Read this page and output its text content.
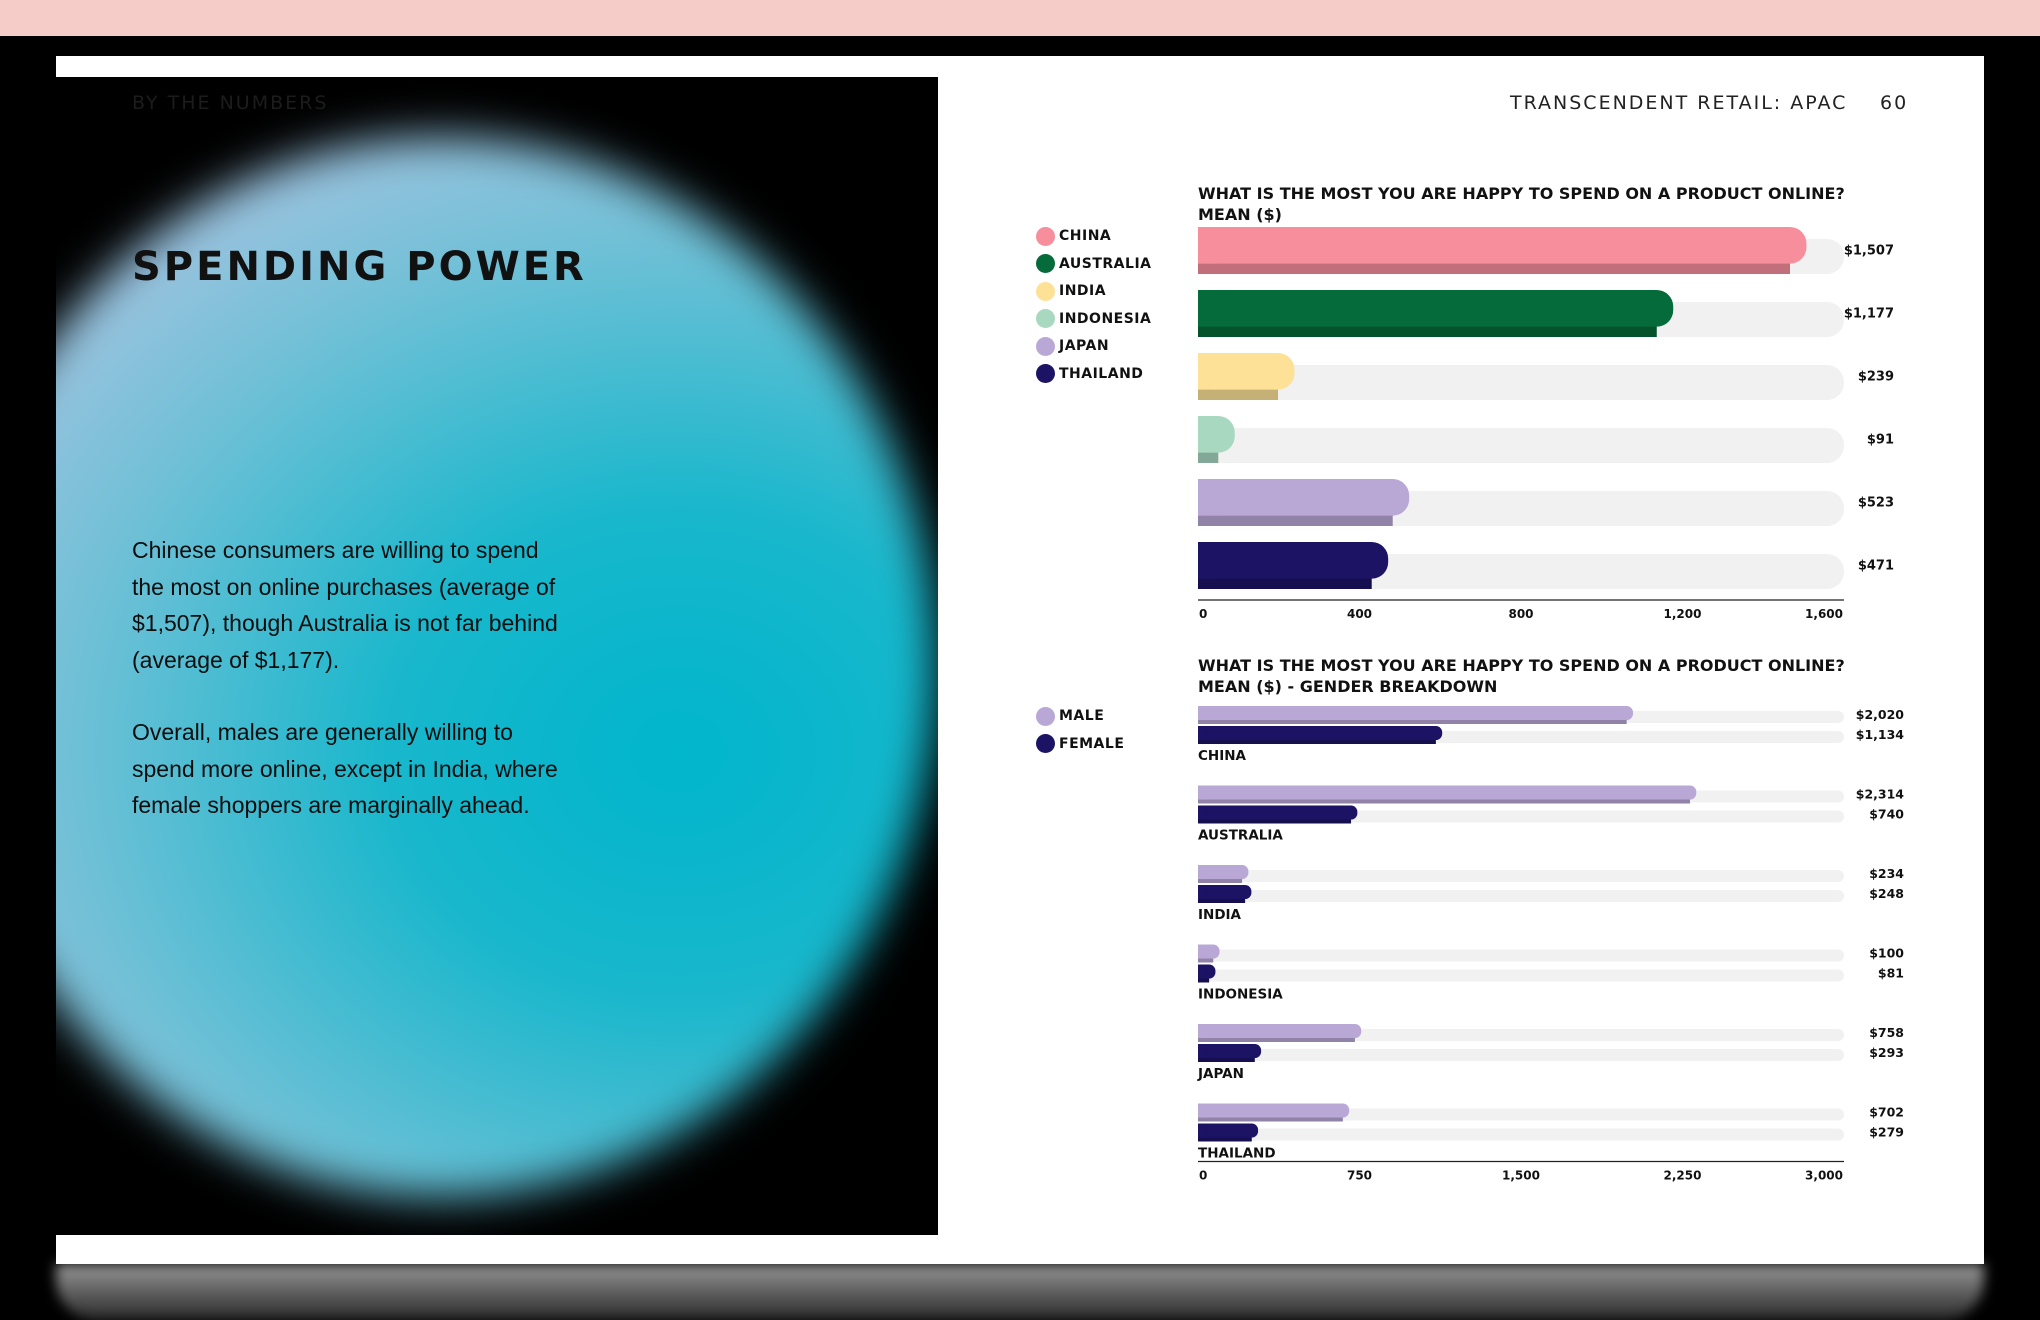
BY THE NUMBERS
SPENDING POWER
Chinese consumers are willing to spend the most on online purchases (average of $1,507), though Australia is not far behind (average of $1,177).
Overall, males are generally willing to spend more online, except in India, where female shoppers are marginally ahead.
TRANSCENDENT RETAIL: APAC 60
WHAT IS THE MOST YOU ARE HAPPY TO SPEND ON A PRODUCT ONLINE?
MEAN ($)
WHAT IS THE MOST YOU ARE HAPPY TO SPEND ON A PRODUCT ONLINE?
MEAN ($) - GENDER BREAKDOWN
CHINA
AUSTRALIA
INDIA
INDONESIA
JAPAN
THAILAND
MALE
FEMALE
$1,507
$1,177
$239
$91
$523
$471
0	400	800	1,200	1,600
$2,020
$1,134
CHINA
$2,314
$740
AUSTRALIA
$234
$248
INDIA
$100
$81
INDONESIA
$758
$293
JAPAN
$702
$279
THAILAND
0	750	1,500	2,250	3,000
